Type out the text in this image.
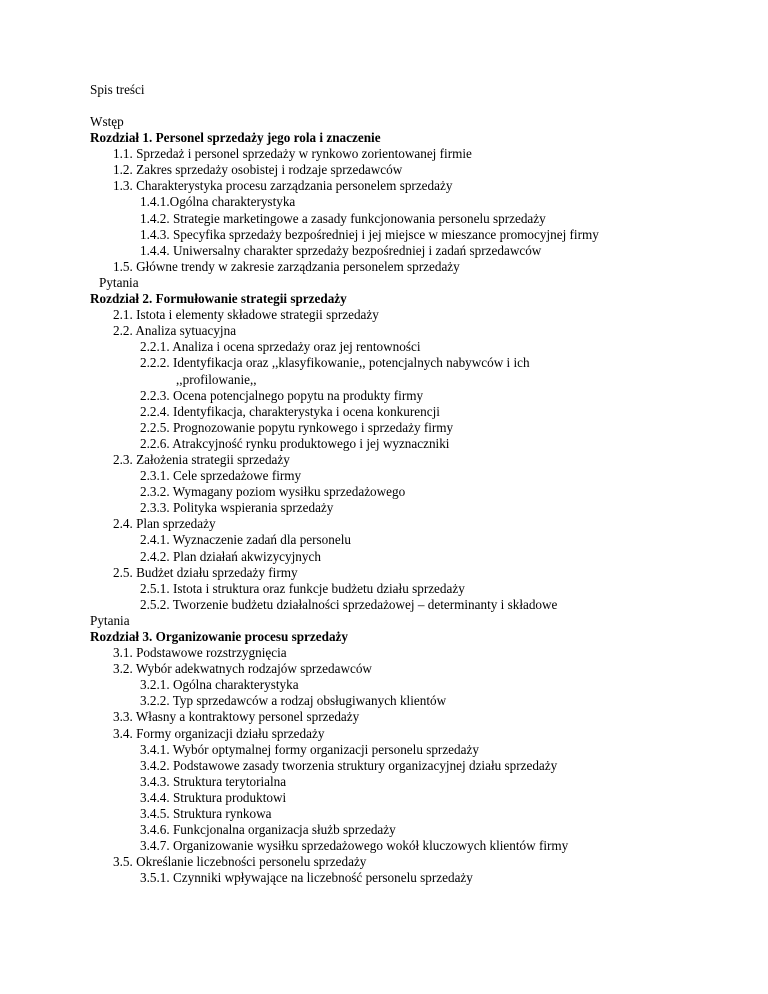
Spis treści
Wstęp
Rozdział 1. Personel sprzedaży jego rola i znaczenie
1.1. Sprzedaż i personel sprzedaży w rynkowo zorientowanej firmie
1.2. Zakres sprzedaży osobistej i rodzaje sprzedawców
1.3. Charakterystyka procesu zarządzania personelem sprzedaży
1.4.1.Ogólna charakterystyka
1.4.2. Strategie marketingowe a zasady funkcjonowania personelu sprzedaży
1.4.3. Specyfika sprzedaży bezpośredniej i jej miejsce w mieszance promocyjnej firmy
1.4.4. Uniwersalny charakter sprzedaży bezpośredniej i zadań sprzedawców
1.5. Główne trendy w zakresie zarządzania personelem sprzedaży
Pytania
Rozdział 2. Formułowanie strategii sprzedaży
2.1. Istota i elementy składowe strategii sprzedaży
2.2. Analiza sytuacyjna
2.2.1. Analiza i ocena sprzedaży oraz jej rentowności
2.2.2. Identyfikacja oraz ,,klasyfikowanie,, potencjalnych nabywców i ich
,,profilowanie,,
2.2.3. Ocena potencjalnego popytu na produkty firmy
2.2.4. Identyfikacja, charakterystyka i ocena konkurencji
2.2.5. Prognozowanie popytu rynkowego i sprzedaży firmy
2.2.6. Atrakcyjność rynku produktowego i jej wyznaczniki
2.3. Założenia strategii sprzedaży
2.3.1. Cele sprzedażowe firmy
2.3.2. Wymagany poziom wysiłku sprzedażowego
2.3.3. Polityka wspierania sprzedaży
2.4. Plan sprzedaży
2.4.1. Wyznaczenie zadań dla personelu
2.4.2. Plan działań akwizycyjnych
2.5. Budżet działu sprzedaży firmy
2.5.1. Istota i struktura oraz funkcje budżetu działu sprzedaży
2.5.2. Tworzenie budżetu działalności sprzedażowej – determinanty i składowe
Pytania
Rozdział 3. Organizowanie procesu sprzedaży
3.1. Podstawowe rozstrzygnięcia
3.2. Wybór adekwatnych rodzajów sprzedawców
3.2.1. Ogólna charakterystyka
3.2.2. Typ sprzedawców a rodzaj obsługiwanych klientów
3.3. Własny a kontraktowy personel sprzedaży
3.4. Formy organizacji działu sprzedaży
3.4.1. Wybór optymalnej formy organizacji personelu sprzedaży
3.4.2. Podstawowe zasady tworzenia struktury organizacyjnej działu sprzedaży
3.4.3. Struktura terytorialna
3.4.4. Struktura produktowi
3.4.5. Struktura rynkowa
3.4.6. Funkcjonalna organizacja służb sprzedaży
3.4.7. Organizowanie wysiłku sprzedażowego wokół kluczowych klientów firmy
3.5. Określanie liczebności personelu sprzedaży
3.5.1. Czynniki wpływające na liczebność personelu sprzedaży
